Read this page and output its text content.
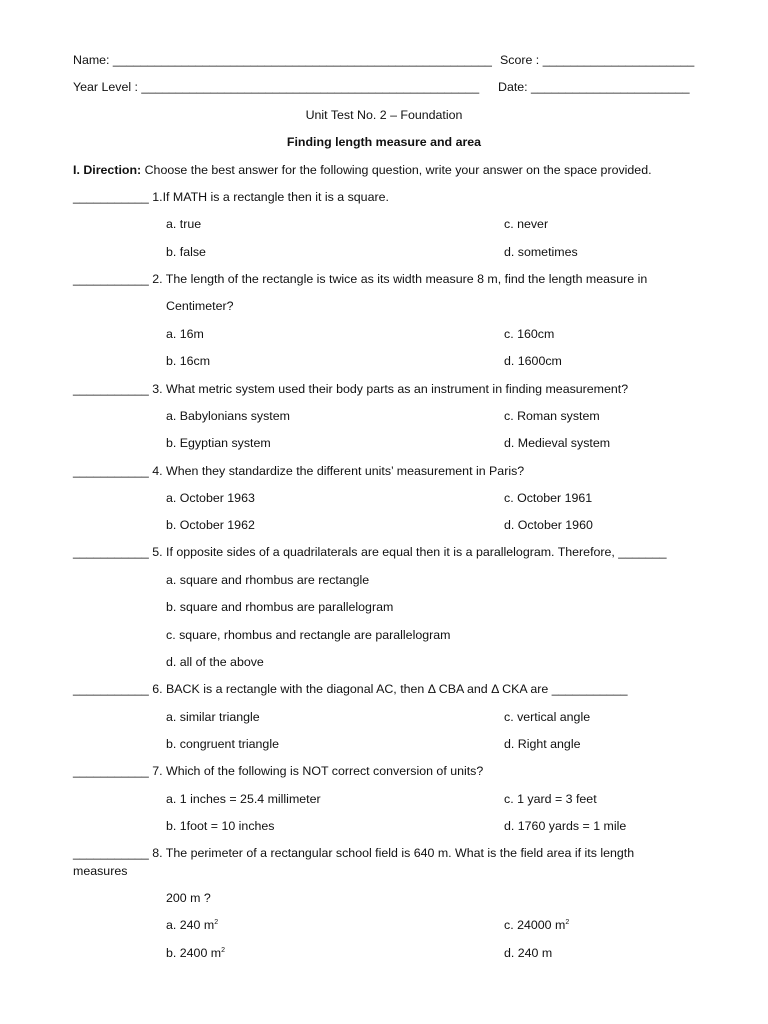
Name: _______________________________________________________ Score : ______________________
Year Level : _________________________________________________ Date: _______________________
Unit Test No. 2 – Foundation
Finding length measure and area
I. Direction: Choose the best answer for the following question, write your answer on the space provided.
___________ 1.If MATH is a rectangle then it is a square.
a. true	c. never
b. false	d. sometimes
___________ 2. The length of the rectangle is twice as its width measure 8 m, find the length measure in
Centimeter?
a. 16m	c. 160cm
b. 16cm	d. 1600cm
___________ 3. What metric system used their body parts as an instrument in finding measurement?
a. Babylonians system	c. Roman system
b. Egyptian system	d. Medieval system
___________ 4. When they standardize the different units’ measurement in Paris?
a. October 1963	c. October 1961
b. October 1962	d. October 1960
___________ 5. If opposite sides of a quadrilaterals are equal then it is a parallelogram. Therefore, _______
a. square and rhombus are rectangle
b. square and rhombus are parallelogram
c. square, rhombus and rectangle are parallelogram
d. all of the above
___________ 6. BACK is a rectangle with the diagonal AC, then Δ CBA and Δ CKA are ___________
a. similar triangle	c. vertical angle
b. congruent triangle	d. Right angle
___________ 7. Which of the following is NOT correct conversion of units?
a. 1 inches = 25.4 millimeter	c. 1 yard = 3 feet
b. 1foot = 10 inches	d. 1760 yards = 1 mile
___________ 8. The perimeter of a rectangular school field is 640 m. What is the field area if its length
measures
200 m ?
a. 240 $m^2$	c. 24000 $m^2$
b. 2400 $m^2$	d. 240 m
